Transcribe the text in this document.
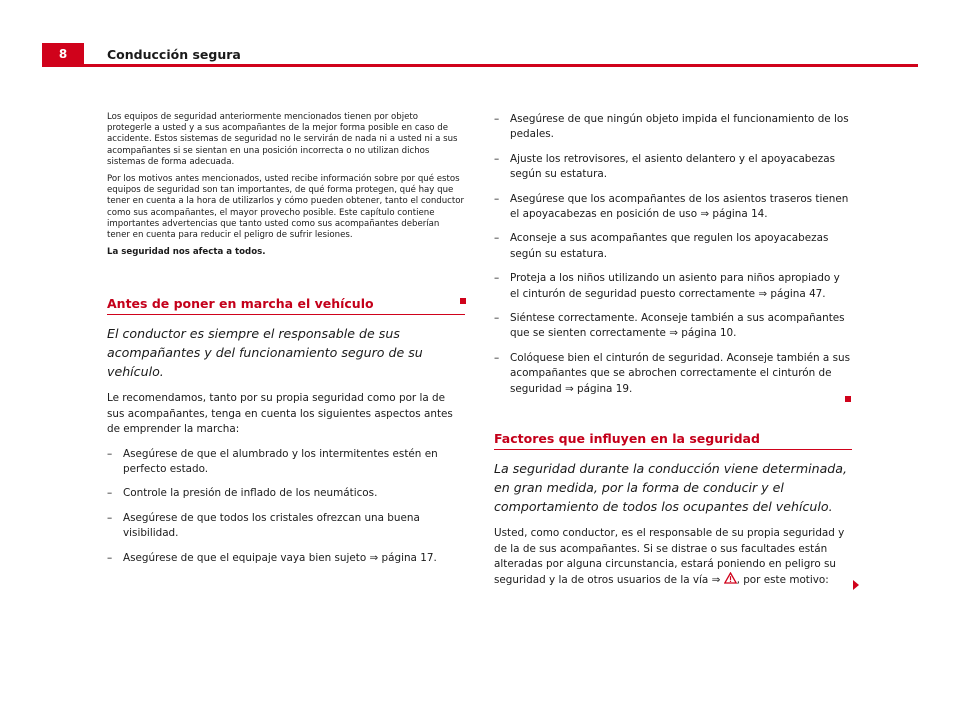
8	Conducción segura

Los equipos de seguridad anteriormente mencionados tienen por objeto protegerle a usted y a sus acompañantes de la mejor forma posible en caso de accidente. Estos sistemas de seguridad no le servirán de nada ni a usted ni a sus acompañantes si se sientan en una posición incorrecta o no utilizan dichos sistemas de forma adecuada.

Por los motivos antes mencionados, usted recibe información sobre por qué estos equipos de seguridad son tan importantes, de qué forma protegen, qué hay que tener en cuenta a la hora de utilizarlos y cómo pueden obtener, tanto el conductor como sus acompañantes, el mayor provecho posible. Este capítulo contiene importantes advertencias que tanto usted como sus acompañantes deberían tener en cuenta para reducir el peligro de sufrir lesiones.

La seguridad nos afecta a todos.

Antes de poner en marcha el vehículo

El conductor es siempre el responsable de sus acompañantes y del funcionamiento seguro de su vehículo.

Le recomendamos, tanto por su propia seguridad como por la de sus acompañantes, tenga en cuenta los siguientes aspectos antes de emprender la marcha:

– Asegúrese de que el alumbrado y los intermitentes estén en perfecto estado.
– Controle la presión de inflado de los neumáticos.
– Asegúrese de que todos los cristales ofrezcan una buena visibilidad.
– Asegúrese de que el equipaje vaya bien sujeto ⇒ página 17.
– Asegúrese de que ningún objeto impida el funcionamiento de los pedales.
– Ajuste los retrovisores, el asiento delantero y el apoyacabezas según su estatura.
– Asegúrese que los acompañantes de los asientos traseros tienen el apoyacabezas en posición de uso ⇒ página 14.
– Aconseje a sus acompañantes que regulen los apoyacabezas según su estatura.
– Proteja a los niños utilizando un asiento para niños apropiado y el cinturón de seguridad puesto correctamente ⇒ página 47.
– Siéntese correctamente. Aconseje también a sus acompañantes que se sienten correctamente ⇒ página 10.
– Colóquese bien el cinturón de seguridad. Aconseje también a sus acompañantes que se abrochen correctamente el cinturón de seguridad ⇒ página 19.
Factores que influyen en la seguridad

La seguridad durante la conducción viene determinada, en gran medida, por la forma de conducir y el comportamiento de todos los ocupantes del vehículo.

Usted, como conductor, es el responsable de su propia seguridad y de la de sus acompañantes. Si se distrae o sus facultades están alteradas por alguna circunstancia, estará poniendo en peligro su seguridad y la de otros usuarios de la vía ⇒ , por este motivo:
